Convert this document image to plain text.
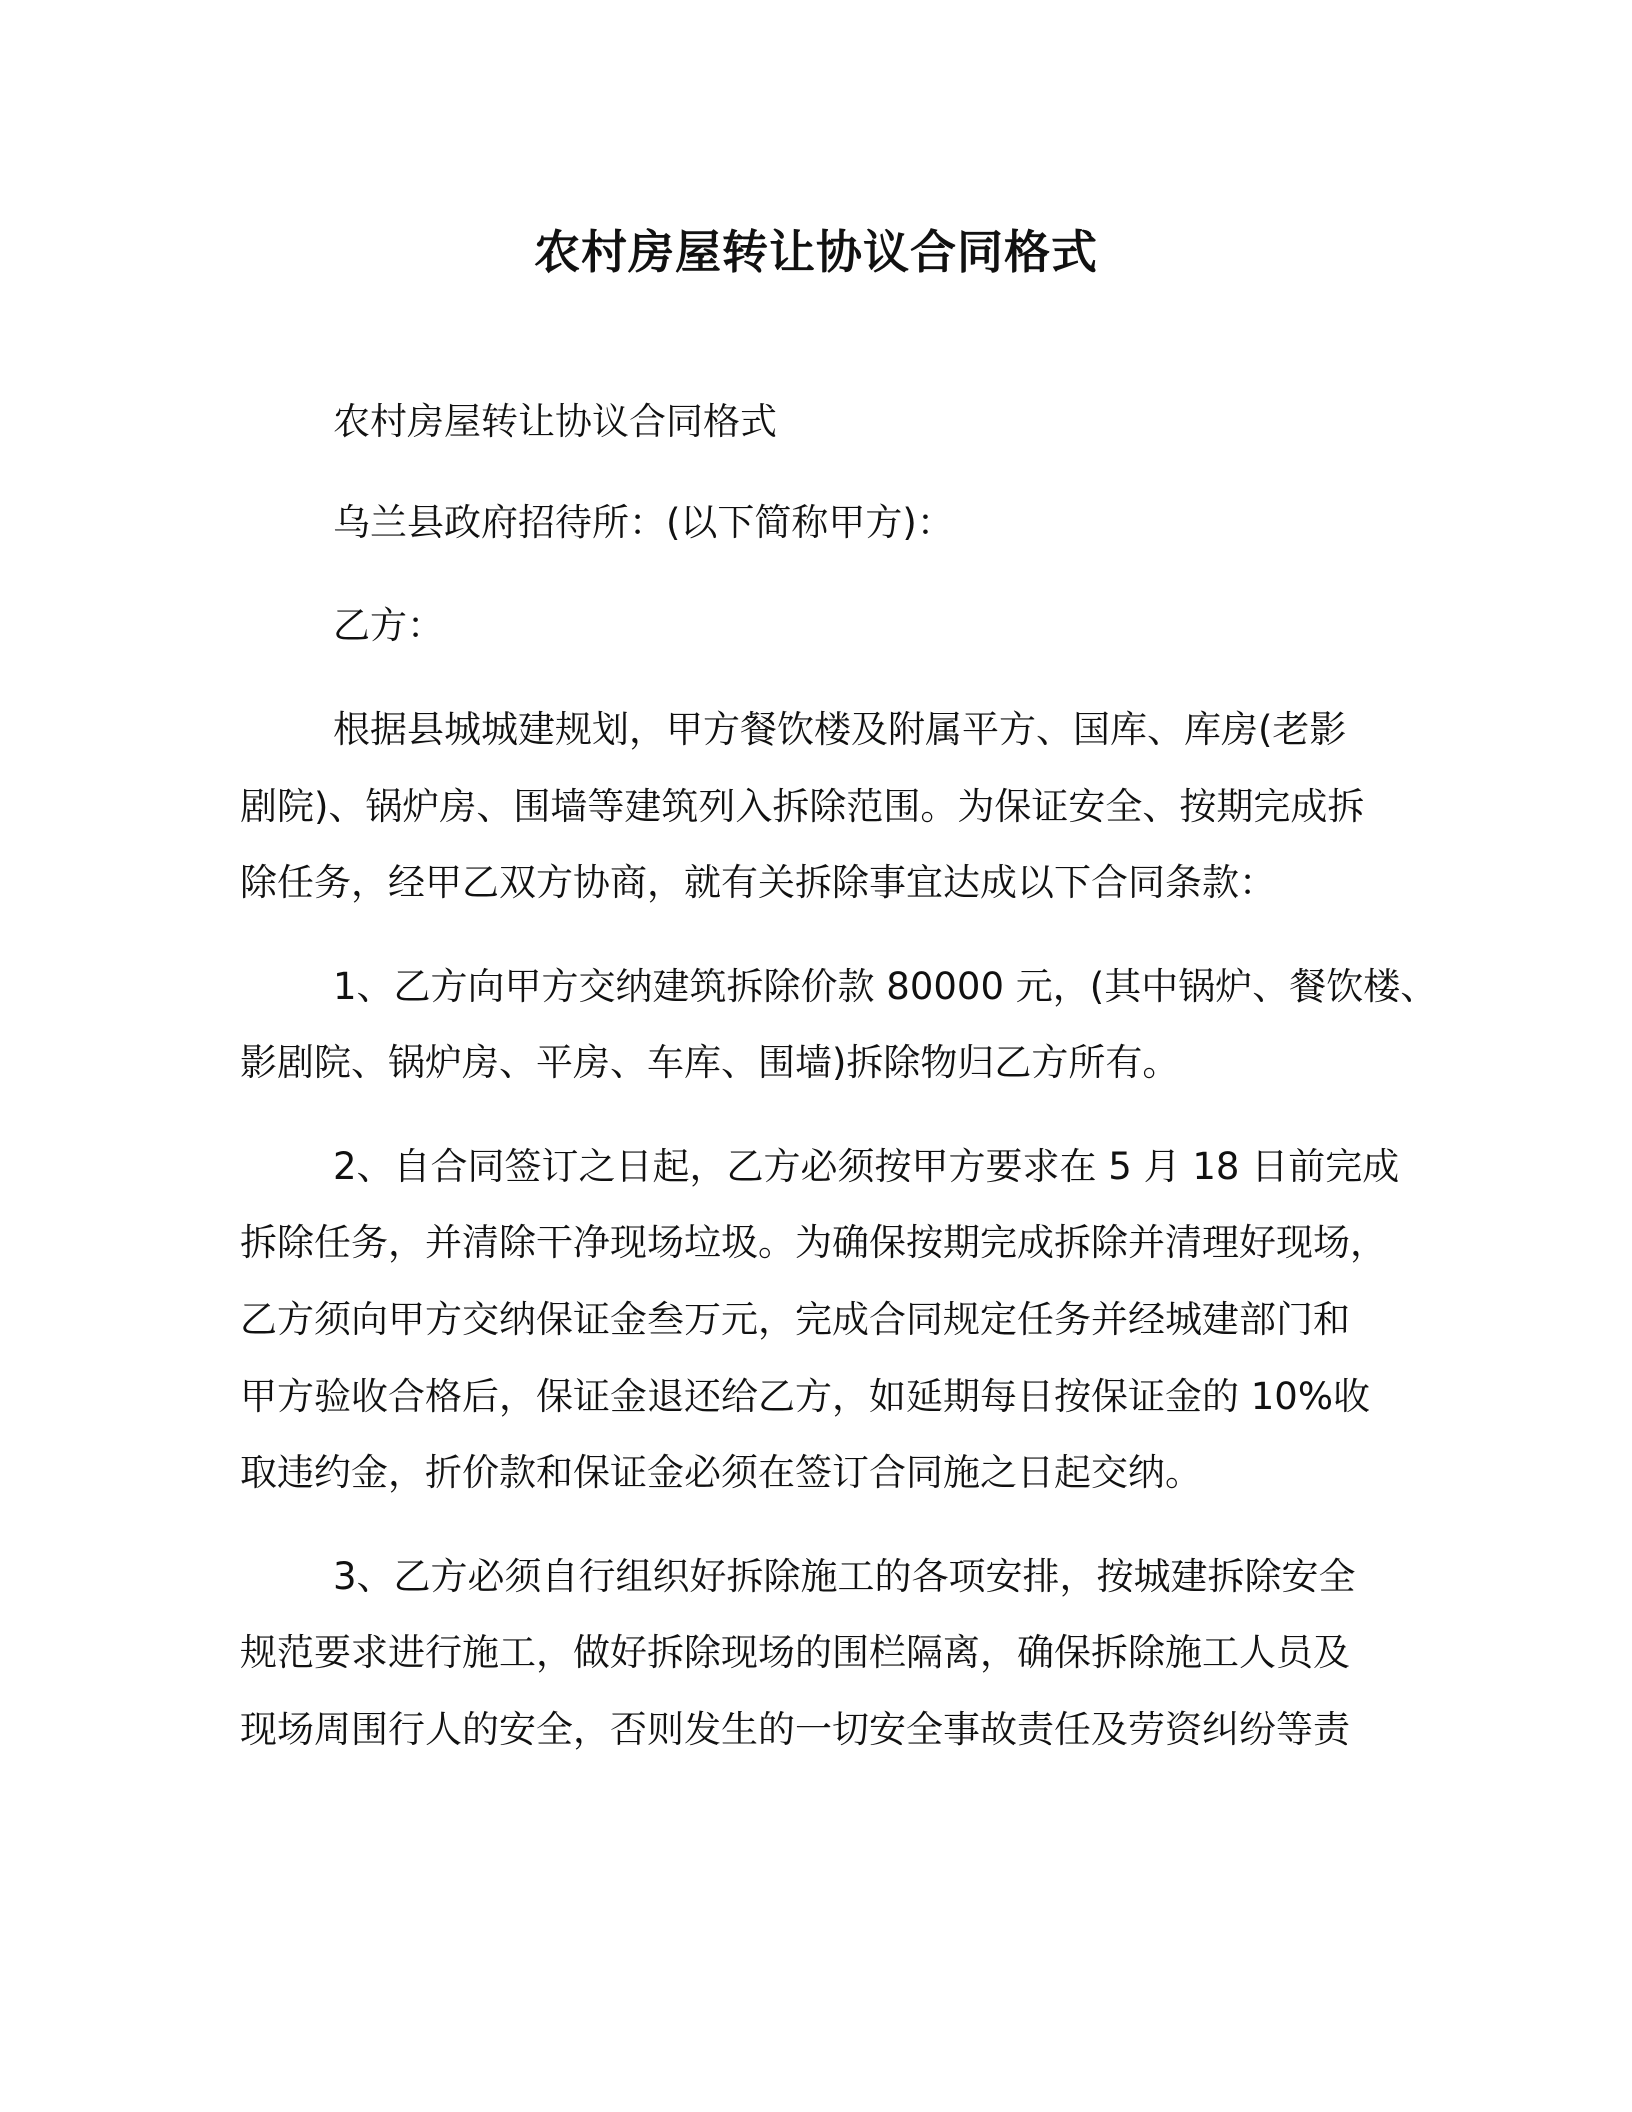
农村房屋转让协议合同格式
农村房屋转让协议合同格式
乌兰县政府招待所：(以下简称甲方)：
乙方：
根据县城城建规划，甲方餐饮楼及附属平方、国库、库房(老影
剧院)、锅炉房、围墙等建筑列入拆除范围。为保证安全、按期完成拆
除任务，经甲乙双方协商，就有关拆除事宜达成以下合同条款：
1、乙方向甲方交纳建筑拆除价款 80000 元，(其中锅炉、餐饮楼、
影剧院、锅炉房、平房、车库、围墙)拆除物归乙方所有。
2、自合同签订之日起，乙方必须按甲方要求在 5 月 18 日前完成
拆除任务，并清除干净现场垃圾。为确保按期完成拆除并清理好现场，
乙方须向甲方交纳保证金叁万元，完成合同规定任务并经城建部门和
甲方验收合格后，保证金退还给乙方，如延期每日按保证金的 10%收
取违约金，折价款和保证金必须在签订合同施之日起交纳。
3、乙方必须自行组织好拆除施工的各项安排，按城建拆除安全
规范要求进行施工，做好拆除现场的围栏隔离，确保拆除施工人员及
现场周围行人的安全，否则发生的一切安全事故责任及劳资纠纷等责
